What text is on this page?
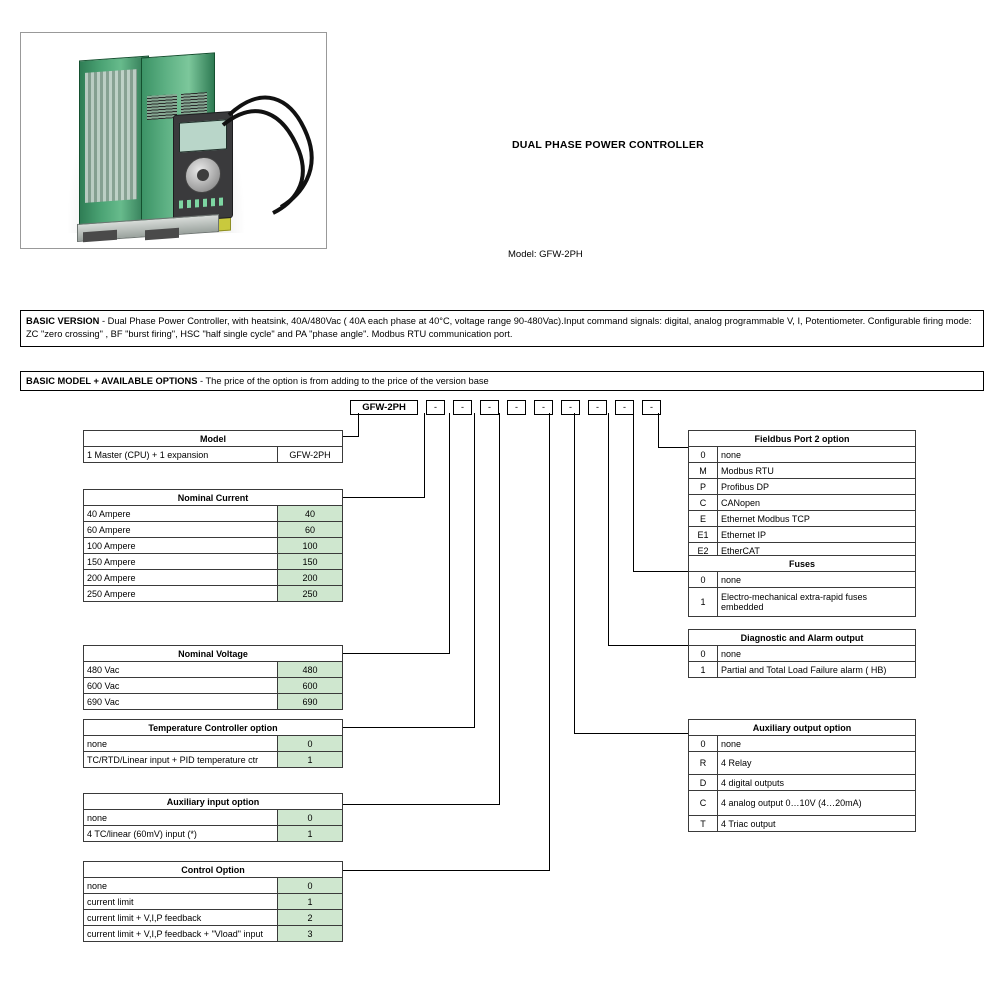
DUAL PHASE POWER CONTROLLER
Model: GFW-2PH
BASIC VERSION - Dual Phase Power Controller, with heatsink, 40A/480Vac ( 40A each phase at 40°C, voltage range 90-480Vac).Input command signals: digital, analog programmable V, I, Potentiometer. Configurable firing mode: ZC "zero crossing" , BF "burst firing", HSC "half single cycle" and PA "phase angle". Modbus RTU communication port.
BASIC MODEL + AVAILABLE OPTIONS - The price of the option is from adding to the price of the version base
GFW-2PH	-	-	-	-	-	-	-	-	-
Model
1 Master (CPU) + 1 expansion	GFW-2PH
Nominal Current	
40 Ampere	40
60 Ampere	60
100 Ampere	100
150 Ampere	150
200 Ampere	200
250 Ampere	250
Nominal Voltage	
480 Vac	480
600 Vac	600
690 Vac	690
Temperature Controller option	
none	0
TC/RTD/Linear input + PID temperature ctr	1
Auxiliary input option	
none	0
4 TC/linear (60mV) input (*)	1
Control Option	
none	0
current limit	1
current limit + V,I,P feedback	2
current limit + V,I,P feedback + "Vload" input	3
Fieldbus Port 2 option	
0	none
M	Modbus RTU
P	Profibus DP
C	CANopen
E	Ethernet Modbus TCP
E1	Ethernet IP
E2	EtherCAT
Fuses	
0	none
1	Electro-mechanical extra-rapid fuses embedded
Diagnostic and Alarm output	
0	none
1	Partial and Total Load Failure alarm ( HB)
Auxiliary output option	
0	none
R	4 Relay
D	4 digital outputs
C	4 analog output 0…10V (4…20mA)
T	4 Triac output
